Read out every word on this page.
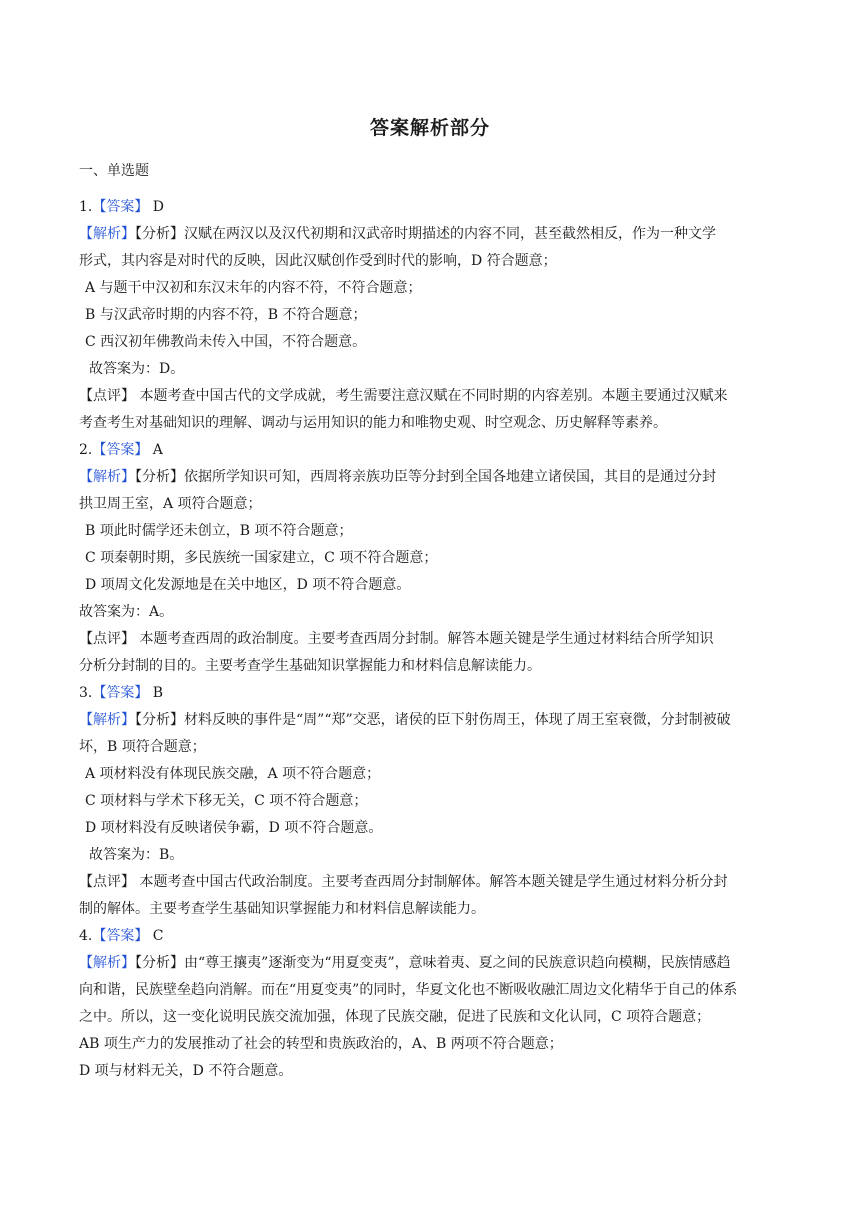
答案解析部分
一、单选题
1.【答案】 D
【解析】【分析】汉赋在两汉以及汉代初期和汉武帝时期描述的内容不同，甚至截然相反，作为一种文学
形式，其内容是对时代的反映，因此汉赋创作受到时代的影响，D 符合题意；
A 与题干中汉初和东汉末年的内容不符，不符合题意；
B 与汉武帝时期的内容不符，B 不符合题意；
C 西汉初年佛教尚未传入中国，不符合题意。
故答案为：D。
【点评】 本题考查中国古代的文学成就，考生需要注意汉赋在不同时期的内容差别。本题主要通过汉赋来
考查考生对基础知识的理解、调动与运用知识的能力和唯物史观、时空观念、历史解释等素养。
2.【答案】 A
【解析】【分析】依据所学知识可知，西周将亲族功臣等分封到全国各地建立诸侯国，其目的是通过分封
拱卫周王室，A 项符合题意；
B 项此时儒学还未创立，B 项不符合题意；
C 项秦朝时期，多民族统一国家建立，C 项不符合题意；
D 项周文化发源地是在关中地区，D 项不符合题意。
故答案为：A。
【点评】 本题考查西周的政治制度。主要考查西周分封制。解答本题关键是学生通过材料结合所学知识
分析分封制的目的。主要考查学生基础知识掌握能力和材料信息解读能力。
3.【答案】 B
【解析】【分析】材料反映的事件是“周”“郑”交恶，诸侯的臣下射伤周王，体现了周王室衰微，分封制被破
坏，B 项符合题意；
A 项材料没有体现民族交融，A 项不符合题意；
C 项材料与学术下移无关，C 项不符合题意；
D 项材料没有反映诸侯争霸，D 项不符合题意。
故答案为：B。
【点评】 本题考查中国古代政治制度。主要考查西周分封制解体。解答本题关键是学生通过材料分析分封
制的解体。主要考查学生基础知识掌握能力和材料信息解读能力。
4.【答案】 C
【解析】【分析】由“尊王攘夷”逐渐变为“用夏变夷”，意味着夷、夏之间的民族意识趋向模糊，民族情感趋
向和谐，民族壁垒趋向消解。而在“用夏变夷”的同时，华夏文化也不断吸收融汇周边文化精华于自己的体系
之中。所以，这一变化说明民族交流加强，体现了民族交融，促进了民族和文化认同，C 项符合题意；
AB 项生产力的发展推动了社会的转型和贵族政治的，A、B 两项不符合题意；
D 项与材料无关，D 不符合题意。
